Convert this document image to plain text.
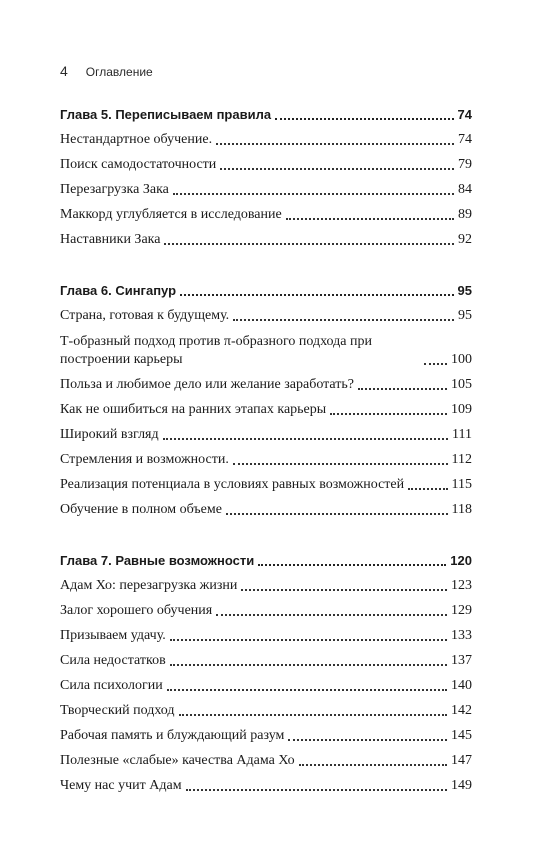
4 Оглавление
Глава 5. Переписываем правила	74
Нестандартное обучение.	74
Поиск самодостаточности	79
Перезагрузка Зака	84
Маккорд углубляется в исследование	89
Наставники Зака	92
Глава 6. Сингапур	95
Страна, готовая к будущему.	95
Т-образный подход против π-образного подхода при построении карьеры	100
Польза и любимое дело или желание заработать?	105
Как не ошибиться на ранних этапах карьеры	109
Широкий взгляд	111
Стремления и возможности.	112
Реализация потенциала в условиях равных возможностей	115
Обучение в полном объеме	118
Глава 7. Равные возможности	120
Адам Хо: перезагрузка жизни	123
Залог хорошего обучения	129
Призываем удачу.	133
Сила недостатков	137
Сила психологии	140
Творческий подход	142
Рабочая память и блуждающий разум	145
Полезные «слабые» качества Адама Хо	147
Чему нас учит Адам	149
